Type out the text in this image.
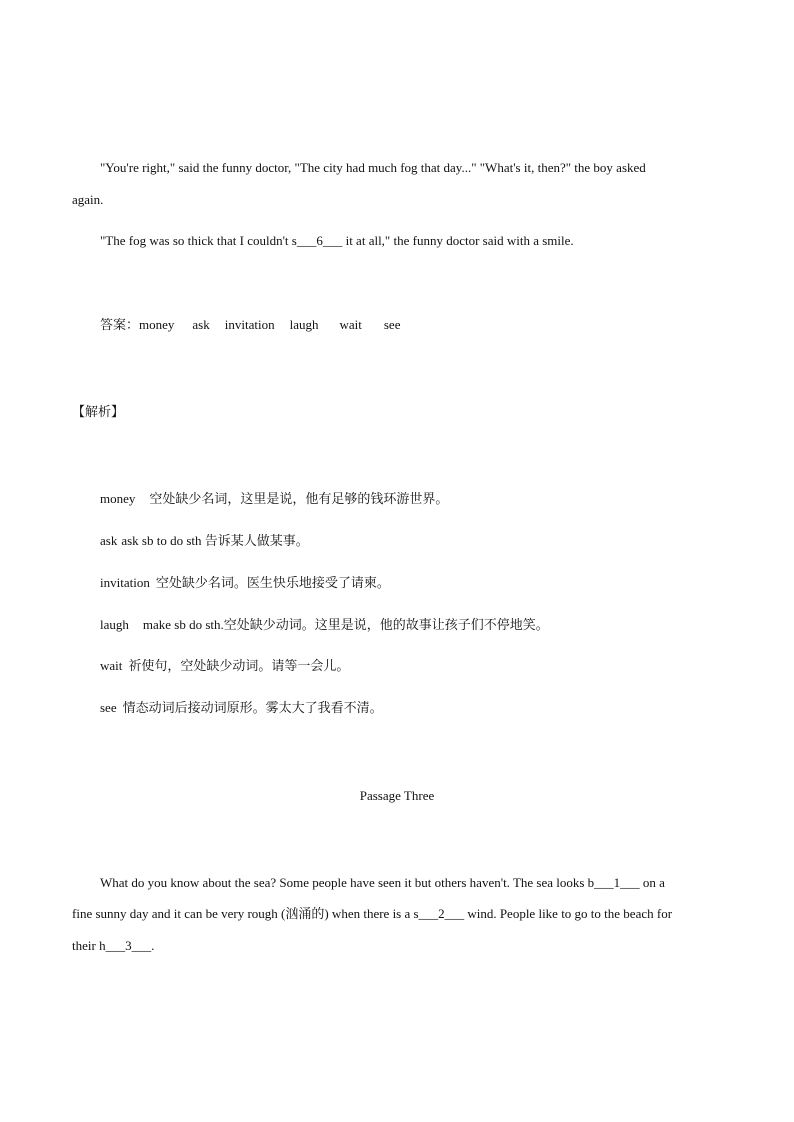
"You're right," said the funny doctor, "The city had much fog that day..." "What's it, then?" the boy asked
again.
"The fog was so thick that I couldn't s___6___ it at all," the funny doctor said with a smile.
答案：money ask invitation laugh wait see
【解析】
money 空处缺少名词，这里是说，他有足够的钱环游世界。
ask ask sb to do sth 告诉某人做某事。
invitation 空处缺少名词。医生快乐地接受了请柬。
laugh make sb do sth.空处缺少动词。这里是说，他的故事让孩子们不停地笑。
wait 祈使句，空处缺少动词。请等一会儿。
see 情态动词后接动词原形。雾太大了我看不清。
Passage Three
What do you know about the sea? Some people have seen it but others haven't. The sea looks b___1___ on a
fine sunny day and it can be very rough (汹涌的) when there is a s___2___ wind. People like to go to the beach for
their h___3___.
